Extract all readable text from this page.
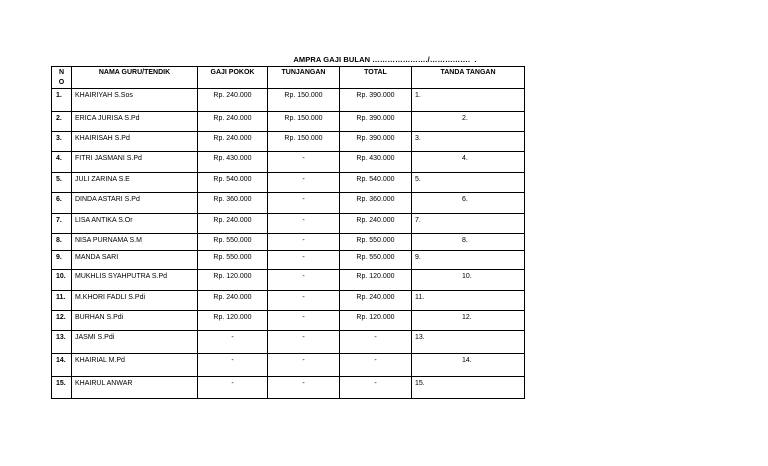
AMPRA GAJI BULAN …………………./…………….  .
N
O	NAMA GURU/TENDIK	GAJI POKOK	TUNJANGAN	TOTAL	TANDA TANGAN
1.	KHAIRIYAH S.Sos	Rp. 240.000	Rp. 150.000	Rp. 390.000	1.

2.	ERICA JURISA S.Pd	Rp. 240.000	Rp. 150.000	Rp. 390.000	2.

3.	KHAIRISAH S.Pd	Rp. 240.000	Rp. 150.000	Rp. 390.000	3.

4.	FITRI JASMANI S.Pd	Rp. 430.000	-	Rp. 430.000	4.

5.	JULI ZARINA S.E	Rp. 540.000	-	Rp. 540.000	5.

6.	DINDA ASTARI S.Pd	Rp. 360.000	-	Rp. 360.000	6.

7.	LISA ANTIKA S.Or	Rp. 240.000	-	Rp. 240.000	7.

8.	NISA PURNAMA S.M	Rp. 550.000	-	Rp. 550.000	8.

9.	MANDA SARI	Rp. 550.000	-	Rp. 550.000	9.

10.	MUKHLIS SYAHPUTRA S.Pd	Rp. 120.000	-	Rp. 120.000	10.

11.	M.KHORI FADLI S.Pdi	Rp. 240.000	-	Rp. 240.000	11.

12.	BURHAN S.Pdi	Rp. 120.000	-	Rp. 120.000	12.

13.	JASMI S.Pdi	-	-	-	13.

14.	KHAIRIAL M.Pd	-	-	-	14.

15.	KHAIRUL ANWAR	-	-	-	15.
